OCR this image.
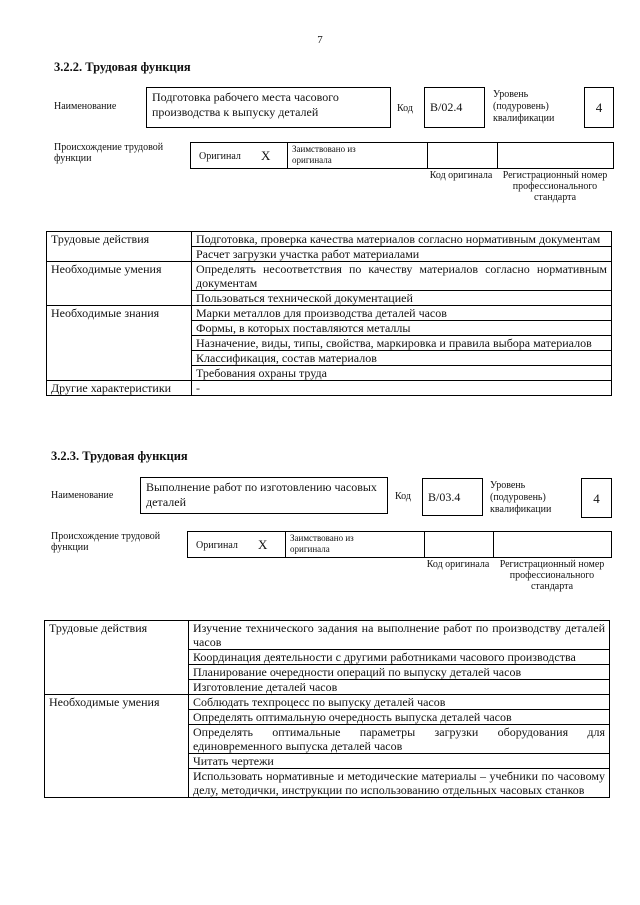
7
3.2.2. Трудовая функция
Наименование
Подготовка рабочего места часового производства к выпуску деталей	Код	В/02.4
Уровень (подуровень) квалификации
4
Происхождение трудовой функции	Оригинал X Заимствовано из оригинала
Код оригинала	Регистрационный номер профессионального стандарта
Трудовые действия	Подготовка, проверка качества материалов согласно нормативным документам
	Расчет загрузки участка работ материалами
Необходимые умения	Определять несоответствия по качеству материалов согласно нормативным документам
	Пользоваться технической документацией
Необходимые знания	Марки металлов для производства деталей часов
	Формы, в которых поставляются металлы
	Назначение, виды, типы, свойства, маркировка и правила выбора материалов
	Классификация, состав материалов
	Требования охраны труда
Другие характеристики	-
3.2.3. Трудовая функция
Наименование
Выполнение работ по изготовлению часовых деталей	Код	В/03.4
Уровень (подуровень) квалификации
4
Происхождение трудовой функции	Оригинал X	Заимствовано из оригинала
Код оригинала	Регистрационный номер профессионального стандарта
Трудовые действия	Изучение технического задания на выполнение работ по производству деталей часов
	Координация деятельности с другими работниками часового производства
	Планирование очередности операций по выпуску деталей часов
	Изготовление деталей часов
Необходимые умения	Соблюдать техпроцесс по выпуску деталей часов
	Определять оптимальную очередность выпуска деталей часов
	Определять оптимальные параметры загрузки оборудования для единовременного выпуска деталей часов
	Читать чертежи
	Использовать нормативные и методические материалы – учебники по часовому делу, методички, инструкции по использованию отдельных часовых станков
